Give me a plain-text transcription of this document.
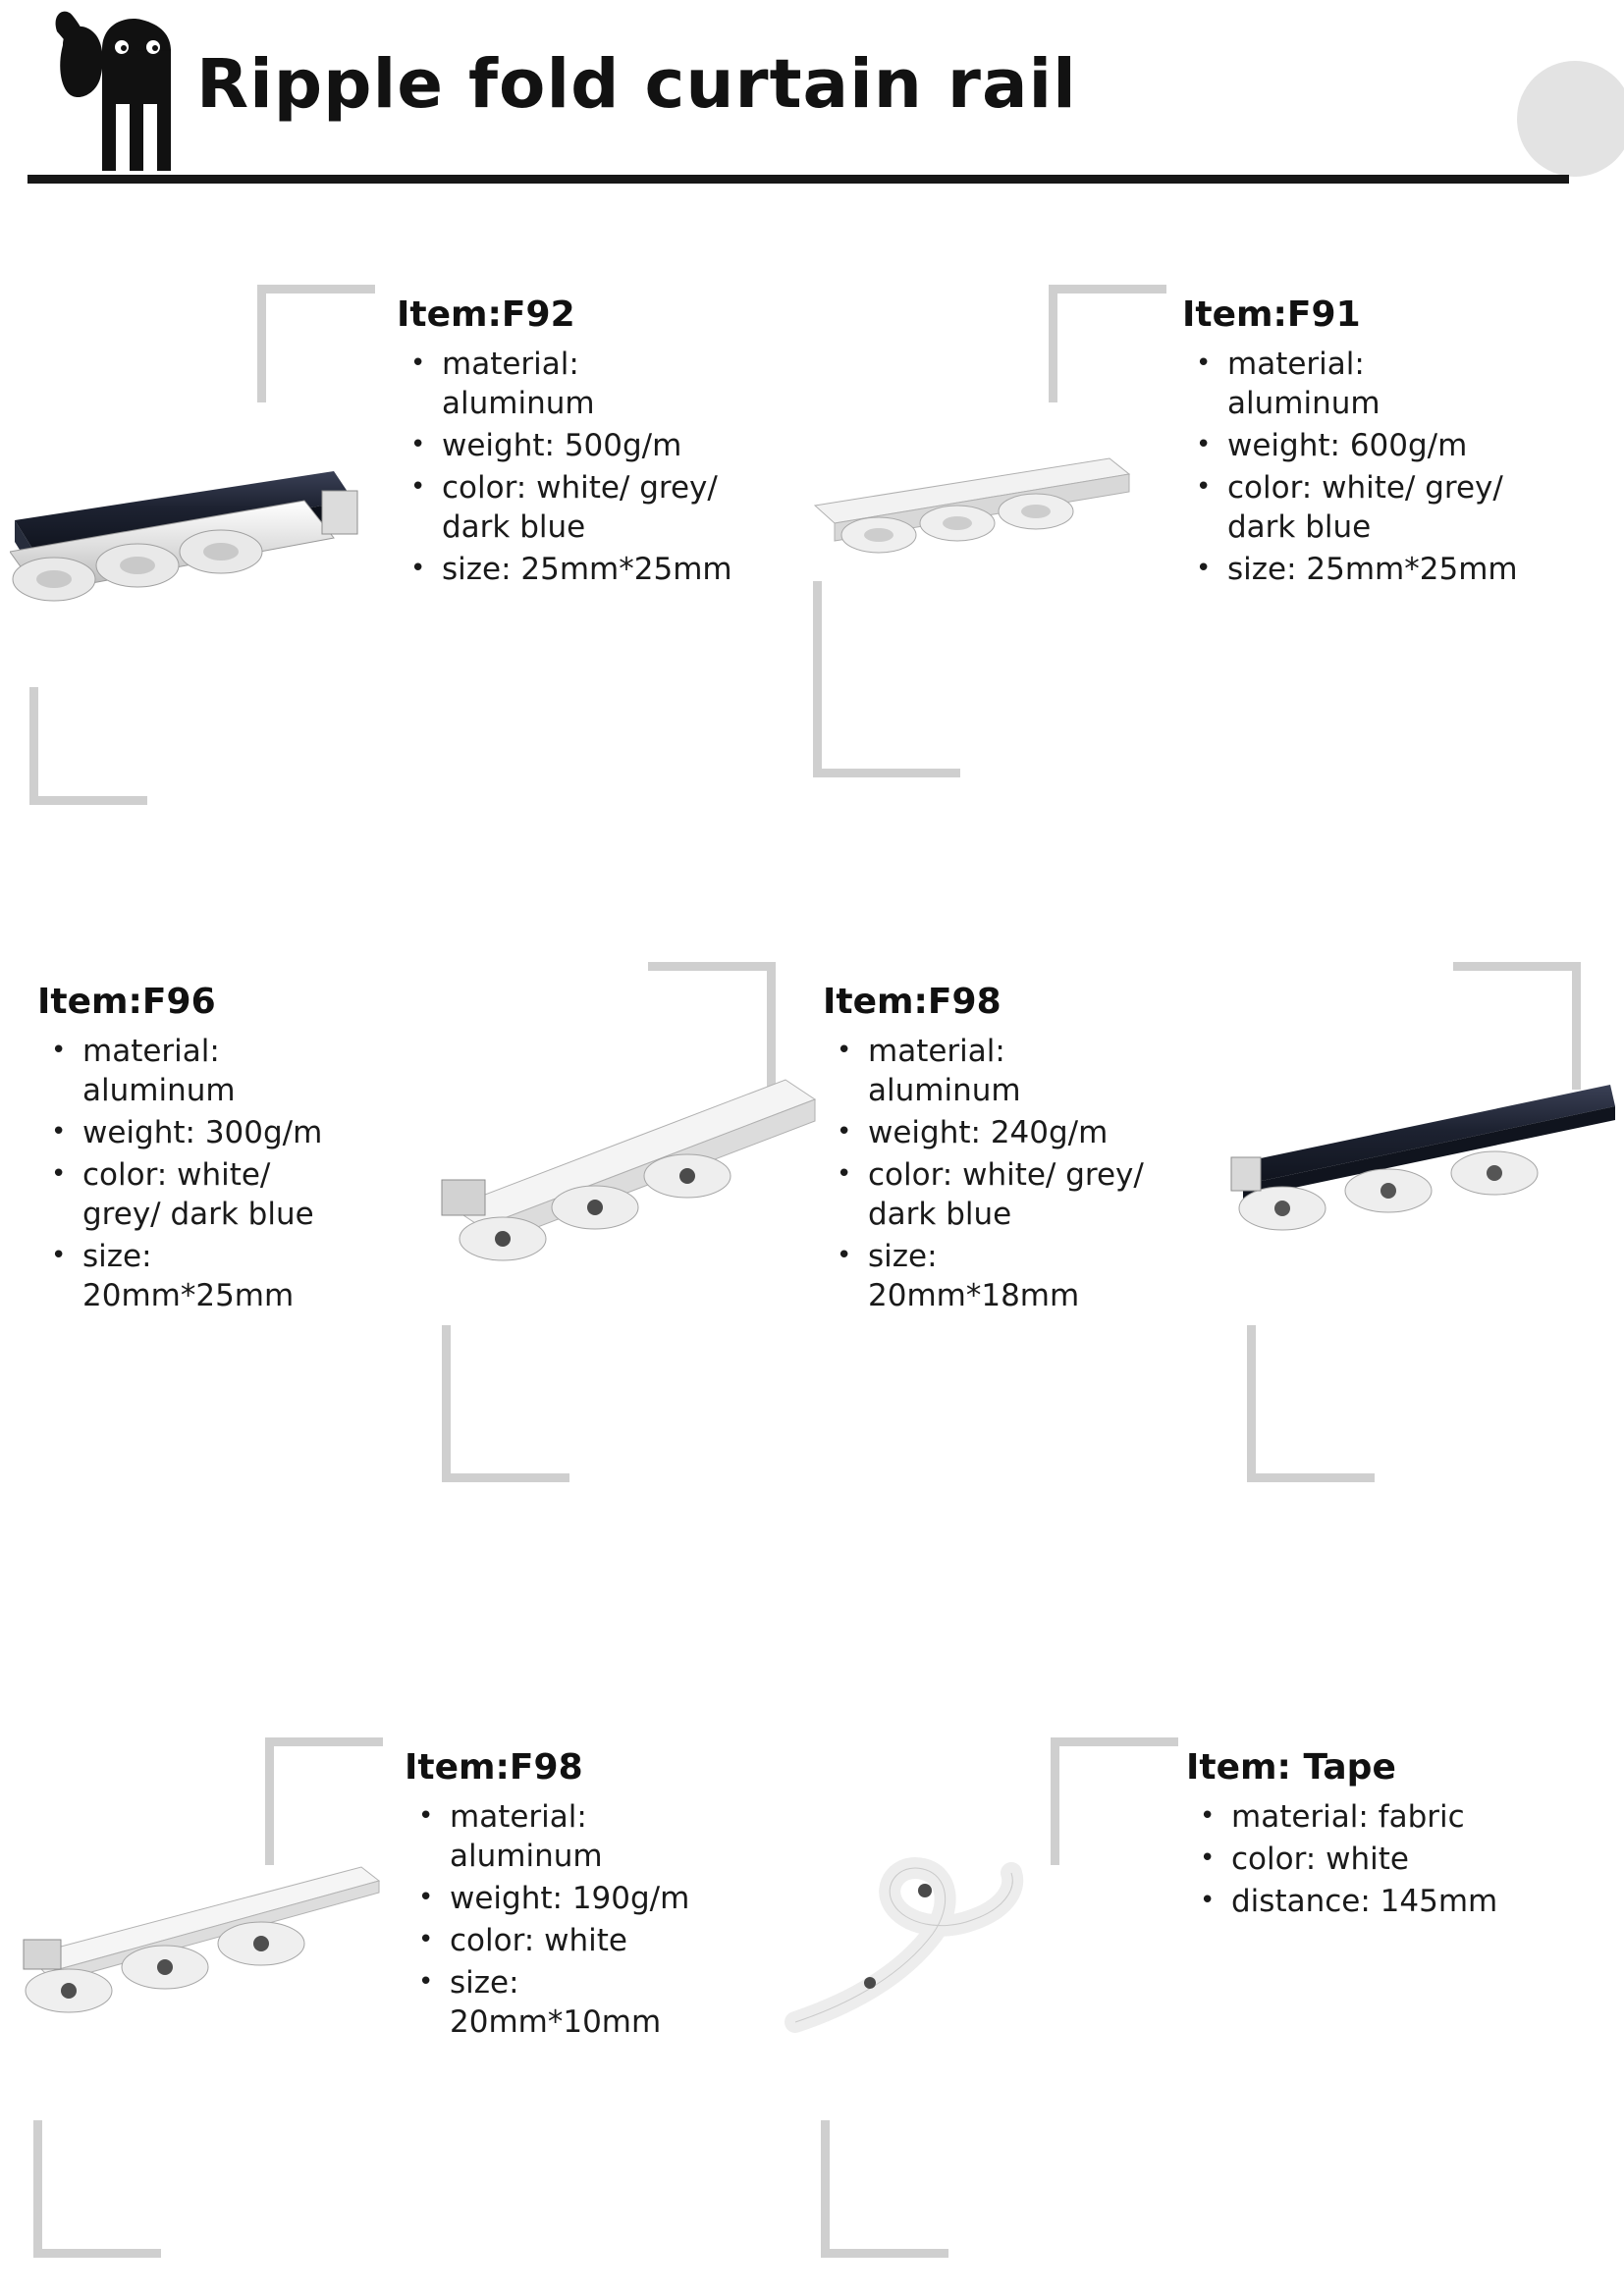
Ripple fold curtain rail
Item:F92
• material:
aluminum
• weight: 500g/m
• color: white/ grey/
dark blue
• size: 25mm*25mm
Item:F91
• material:
aluminum
• weight: 600g/m
• color: white/ grey/
dark blue
• size: 25mm*25mm
Item:F96
• material:
aluminum
• weight: 300g/m
• color: white/
grey/ dark blue
• size:
20mm*25mm
Item:F98
• material:
aluminum
• weight: 240g/m
• color: white/ grey/
dark blue
• size:
20mm*18mm
Item:F98
• material:
aluminum
• weight: 190g/m
• color: white
• size:
20mm*10mm
Item: Tape
• material: fabric
• color: white
• distance: 145mm
